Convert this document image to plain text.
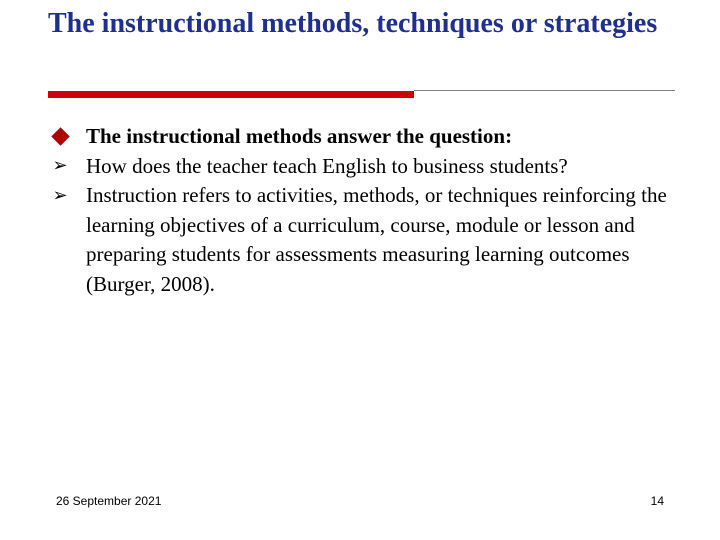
The instructional methods, techniques or strategies
The instructional methods answer the question:
➢ How does the teacher teach English to business students?
➢ Instruction refers to activities, methods, or techniques reinforcing the learning objectives of a curriculum, course, module or lesson and preparing students for assessments measuring learning outcomes (Burger, 2008).
26 September 2021	14
